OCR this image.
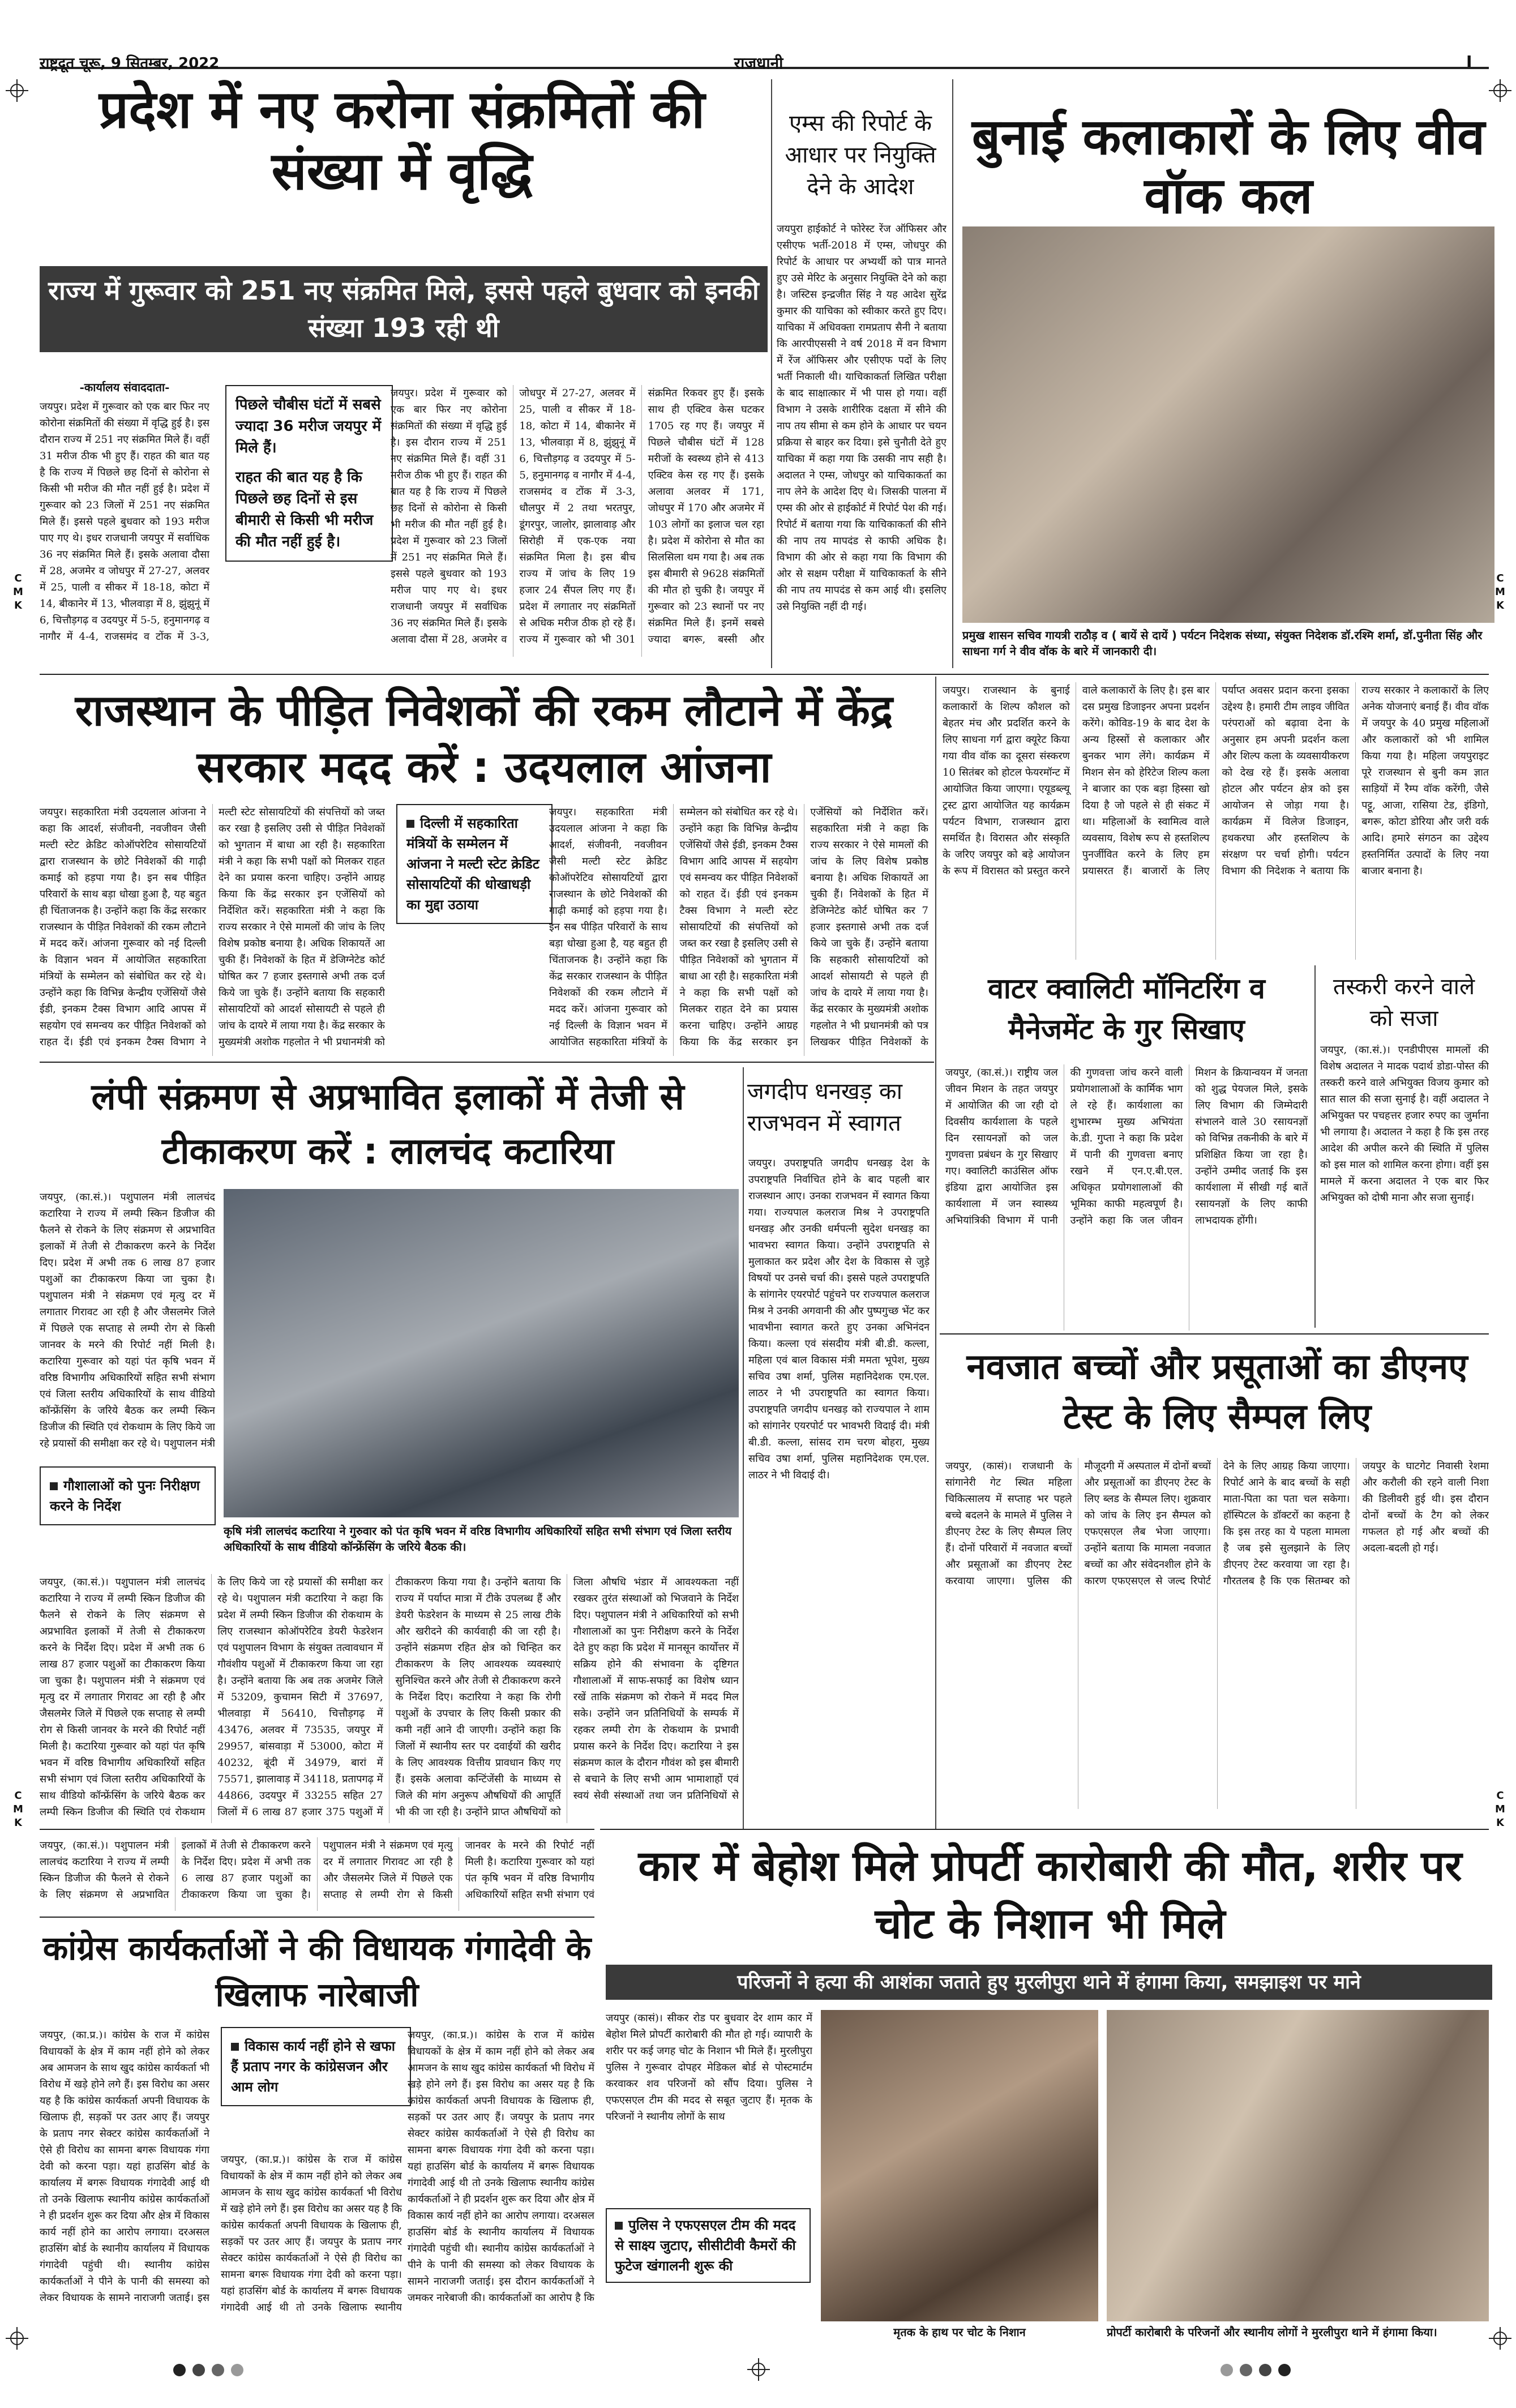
राष्ट्रदूत चूरू, 9 सितम्बर, 2022	राजधानी	I
C
M
K
C
M
K
C
M
K
C
M
K
प्रदेश में नए करोना संक्रमितों की संख्या में वृद्धि
राज्य में गुरूवार को 251 नए संक्रमित मिले, इससे पहले बुधवार को इनकी संख्या 193 रही थी
-कार्यालय संवाददाता-
पिछले चौबीस घंटों में सबसे ज्यादा 36 मरीज जयपुर में मिले हैं।
राहत की बात यह है कि पिछले छह दिनों से इस बीमारी से किसी भी मरीज की मौत नहीं हुई है।
जयपुर। प्रदेश में गुरूवार को एक बार फिर नए कोरोना संक्रमितों की संख्या में वृद्धि हुई है। इस दौरान राज्य में 251 नए संक्रमित मिले हैं। वहीं 31 मरीज ठीक भी हुए हैं। राहत की बात यह है कि राज्य में पिछले छह दिनों से कोरोना से किसी भी मरीज की मौत नहीं हुई है। प्रदेश में गुरूवार को 23 जिलों में 251 नए संक्रमित मिले हैं। इससे पहले बुधवार को 193 मरीज पाए गए थे। इधर राजधानी जयपुर में सर्वाधिक 36 नए संक्रमित मिले हैं। इसके अलावा दौसा में 28, अजमेर व जोधपुर में 27-27, अलवर में 25, पाली व सीकर में 18-18, कोटा में 14, बीकानेर में 13, भीलवाड़ा में 8, झुंझुनूं में 6, चित्तौड़गढ़ व उदयपुर में 5-5, हनुमानगढ़ व नागौर में 4-4, राजसमंद व टोंक में 3-3,
जयपुर। प्रदेश में गुरूवार को एक बार फिर नए कोरोना संक्रमितों की संख्या में वृद्धि हुई है। इस दौरान राज्य में 251 नए संक्रमित मिले हैं। वहीं 31 मरीज ठीक भी हुए हैं। राहत की बात यह है कि राज्य में पिछले छह दिनों से कोरोना से किसी भी मरीज की मौत नहीं हुई है। प्रदेश में गुरूवार को 23 जिलों में 251 नए संक्रमित मिले हैं। इससे पहले बुधवार को 193 मरीज पाए गए थे। इधर राजधानी जयपुर में सर्वाधिक 36 नए संक्रमित मिले हैं। इसके अलावा दौसा में 28, अजमेर व जोधपुर में 27-27, अलवर में 25, पाली व सीकर में 18-18, कोटा में 14, बीकानेर में 13, भीलवाड़ा में 8, झुंझुनूं में 6, चित्तौड़गढ़ व उदयपुर में 5-5, हनुमानगढ़ व नागौर में 4-4, राजसमंद व टोंक में 3-3, धौलपुर में 2 तथा भरतपुर, डूंगरपुर, जालोर, झालावाड़ और सिरोही में एक-एक नया संक्रमित मिला है। इस बीच राज्य में जांच के लिए 19 हजार 24 सैंपल लिए गए हैं। प्रदेश में लगातार नए संक्रमितों से अधिक मरीज ठीक हो रहे हैं। राज्य में गुरूवार को भी 301 संक्रमित रिकवर हुए हैं। इसके साथ ही एक्टिव केस घटकर 1705 रह गए हैं। जयपुर में पिछले चौबीस घंटों में 128 मरीजों के स्वस्थ्य होने से 413 एक्टिव केस रह गए हैं। इसके अलावा अलवर में 171, जोधपुर में 170 और अजमेर में 103 लोगों का इलाज चल रहा है। प्रदेश में कोरोना से मौत का सिलसिला थम गया है। अब तक इस बीमारी से 9628 संक्रमितों की मौत हो चुकी है। जयपुर में गुरूवार को 23 स्थानों पर नए संक्रमित मिले हैं। इनमें सबसे ज्यादा बगरू, बस्सी और
एम्स की रिपोर्ट के आधार पर नियुक्ति देने के आदेश
जयपुरा हाईकोर्ट ने फोरेस्ट रेंज ऑफिसर और एसीएफ भर्ती-2018 में एम्स, जोधपुर की रिपोर्ट के आधार पर अभ्यर्थी को पात्र मानते हुए उसे मेरिट के अनुसार नियुक्ति देने को कहा है। जस्टिस इन्द्रजीत सिंह ने यह आदेश सुरेंद्र कुमार की याचिका को स्वीकार करते हुए दिए। याचिका में अधिवक्ता रामप्रताप सैनी ने बताया कि आरपीएससी ने वर्ष 2018 में वन विभाग में रेंज ऑफिसर और एसीएफ पदों के लिए भर्ती निकाली थी। याचिकाकर्ता लिखित परीक्षा के बाद साक्षात्कार में भी पास हो गया। वहीं विभाग ने उसके शारीरिक दक्षता में सीने की नाप तय सीमा से कम होने के आधार पर चयन प्रक्रिया से बाहर कर दिया। इसे चुनौती देते हुए याचिका में कहा गया कि उसकी नाप सही है। अदालत ने एम्स, जोधपुर को याचिकाकर्ता का नाप लेने के आदेश दिए थे। जिसकी पालना में एम्स की ओर से हाईकोर्ट में रिपोर्ट पेश की गई। रिपोर्ट में बताया गया कि याचिकाकर्ता की सीने की नाप तय मापदंड से काफी अधिक है। विभाग की ओर से कहा गया कि विभाग की ओर से सक्षम परीक्षा में याचिकाकर्ता के सीने की नाप तय मापदंड से कम आई थी। इसलिए उसे नियुक्ति नहीं दी गई।
बुनाई कलाकारों के लिए वीव वॉक कल
प्रमुख शासन सचिव गायत्री राठौड़ व ( बायें से दायें ) पर्यटन निदेशक संध्या, संयुक्त निदेशक डॉ.रश्मि शर्मा, डॉ.पुनीता सिंह और साधना गर्ग ने वीव वॉक के बारे में जानकारी दी।
राजस्थान के पीड़ित निवेशकों की रकम लौटाने में केंद्र सरकार मदद करें : उदयलाल आंजना
दिल्ली में सहकारिता मंत्रियों के सम्मेलन में आंजना ने मल्टी स्टेट क्रेडिट सोसायटियों की धोखाधड़ी का मुद्दा उठाया
जयपुर। सहकारिता मंत्री उदयलाल आंजना ने कहा कि आदर्श, संजीवनी, नवजीवन जैसी मल्टी स्टेट क्रेडिट कोऑपरेटिव सोसायटियों द्वारा राजस्थान के छोटे निवेशकों की गाढ़ी कमाई को हड़पा गया है। इन सब पीड़ित परिवारों के साथ बड़ा धोखा हुआ है, यह बहुत ही चिंताजनक है। उन्होंने कहा कि केंद्र सरकार राजस्थान के पीड़ित निवेशकों की रकम लौटाने में मदद करें। आंजना गुरूवार को नई दिल्ली के विज्ञान भवन में आयोजित सहकारिता मंत्रियों के सम्मेलन को संबोधित कर रहे थे। उन्होंने कहा कि विभिन्न केन्द्रीय एजेंसियों जैसे ईडी, इनकम टैक्स विभाग आदि आपस में सहयोग एवं समन्वय कर पीड़ित निवेशकों को राहत दें। ईडी एवं इनकम टैक्स विभाग ने मल्टी स्टेट सोसायटियों की संपत्तियों को जब्त कर रखा है इसलिए उसी से पीड़ित निवेशकों को भुगतान में बाधा आ रही है। सहकारिता मंत्री ने कहा कि सभी पक्षों को मिलकर राहत देने का प्रयास करना चाहिए। उन्होंने आग्रह किया कि केंद्र सरकार इन एजेंसियों को निर्देशित करें। सहकारिता मंत्री ने कहा कि राज्य सरकार ने ऐसे मामलों की जांच के लिए विशेष प्रकोष्ठ बनाया है। अधिक शिकायतें आ चुकी हैं। निवेशकों के हित में डेजिग्नेटेड कोर्ट घोषित कर 7 हजार इस्तगासे अभी तक दर्ज किये जा चुके हैं। उन्होंने बताया कि सहकारी सोसायटियों को आदर्श सोसायटी से पहले ही जांच के दायरे में लाया गया है। केंद्र सरकार के मुख्यमंत्री अशोक गहलोत ने भी प्रधानमंत्री को
जयपुर। सहकारिता मंत्री उदयलाल आंजना ने कहा कि आदर्श, संजीवनी, नवजीवन जैसी मल्टी स्टेट क्रेडिट कोऑपरेटिव सोसायटियों द्वारा राजस्थान के छोटे निवेशकों की गाढ़ी कमाई को हड़पा गया है। इन सब पीड़ित परिवारों के साथ बड़ा धोखा हुआ है, यह बहुत ही चिंताजनक है। उन्होंने कहा कि केंद्र सरकार राजस्थान के पीड़ित निवेशकों की रकम लौटाने में मदद करें। आंजना गुरूवार को नई दिल्ली के विज्ञान भवन में आयोजित सहकारिता मंत्रियों के सम्मेलन को संबोधित कर रहे थे। उन्होंने कहा कि विभिन्न केन्द्रीय एजेंसियों जैसे ईडी, इनकम टैक्स विभाग आदि आपस में सहयोग एवं समन्वय कर पीड़ित निवेशकों को राहत दें। ईडी एवं इनकम टैक्स विभाग ने मल्टी स्टेट सोसायटियों की संपत्तियों को जब्त कर रखा है इसलिए उसी से पीड़ित निवेशकों को भुगतान में बाधा आ रही है। सहकारिता मंत्री ने कहा कि सभी पक्षों को मिलकर राहत देने का प्रयास करना चाहिए। उन्होंने आग्रह किया कि केंद्र सरकार इन एजेंसियों को निर्देशित करें। सहकारिता मंत्री ने कहा कि राज्य सरकार ने ऐसे मामलों की जांच के लिए विशेष प्रकोष्ठ बनाया है। अधिक शिकायतें आ चुकी हैं। निवेशकों के हित में डेजिग्नेटेड कोर्ट घोषित कर 7 हजार इस्तगासे अभी तक दर्ज किये जा चुके हैं। उन्होंने बताया कि सहकारी सोसायटियों को आदर्श सोसायटी से पहले ही जांच के दायरे में लाया गया है। केंद्र सरकार के मुख्यमंत्री अशोक गहलोत ने भी प्रधानमंत्री को पत्र लिखकर पीड़ित निवेशकों के
जयपुर। राजस्थान के बुनाई कलाकारों के शिल्प कौशल को बेहतर मंच और प्रदर्शित करने के लिए साधना गर्ग द्वारा क्यूरेट किया गया वीव वॉक का दूसरा संस्करण 10 सितंबर को होटल फेयरमॉन्ट में आयोजित किया जाएगा। एयूडब्ल्यू ट्रस्ट द्वारा आयोजित यह कार्यक्रम पर्यटन विभाग, राजस्थान द्वारा समर्थित है। विरासत और संस्कृति के जरिए जयपुर को बड़े आयोजन के रूप में विरासत को प्रस्तुत करने वाले कलाकारों के लिए है। इस बार दस प्रमुख डिजाइनर अपना प्रदर्शन करेंगे। कोविड-19 के बाद देश के अन्य हिस्सों से कलाकार और बुनकर भाग लेंगे। कार्यक्रम में मिशन सेन को हेरिटेज शिल्प कला ने बाजार का एक बड़ा हिस्सा खो दिया है जो पहले से ही संकट में था। महिलाओं के स्वामित्व वाले व्यवसाय, विशेष रूप से हस्तशिल्प पुनर्जीवित करने के लिए हम प्रयासरत हैं। बाजारों के लिए पर्याप्त अवसर प्रदान करना इसका उद्देश्य है। हमारी टीम लाइव जीवित परंपराओं को बढ़ावा देना के अनुसार हम अपनी प्रदर्शन कला और शिल्प कला के व्यवसायीकरण को देख रहे हैं। इसके अलावा होटल और पर्यटन क्षेत्र को इस आयोजन से जोड़ा गया है। कार्यक्रम में विलेज डिजाइन, हथकरघा और हस्तशिल्प के संरक्षण पर चर्चा होगी। पर्यटन विभाग की निदेशक ने बताया कि राज्य सरकार ने कलाकारों के लिए अनेक योजनाएं बनाई हैं। वीव वॉक में जयपुर के 40 प्रमुख महिलाओं और कलाकारों को भी शामिल किया गया है। महिला जयपुराइट पूरे राजस्थान से बुनी कम ज्ञात साड़ियों में रैम्प वॉक करेंगी, जैसे पट्टू, आजा, रासिया टेड, इंडिगो, बगरू, कोटा डोरिया और जरी वर्क आदि। हमारे संगठन का उद्देश्य हस्तनिर्मित उत्पादों के लिए नया बाजार बनाना है।
वाटर क्वालिटी मॉनिटरिंग व मैनेजमेंट के गुर सिखाए
जयपुर, (का.सं.)। राष्ट्रीय जल जीवन मिशन के तहत जयपुर में आयोजित की जा रही दो दिवसीय कार्यशाला के पहले दिन रसायनज्ञों को जल गुणवत्ता प्रबंधन के गुर सिखाए गए। क्वालिटी काउंसिल ऑफ इंडिया द्वारा आयोजित इस कार्यशाला में जन स्वास्थ्य अभियांत्रिकी विभाग में पानी की गुणवत्ता जांच करने वाली प्रयोगशालाओं के कार्मिक भाग ले रहे हैं। कार्यशाला का शुभारम्भ मुख्य अभियंता के.डी. गुप्ता ने कहा कि प्रदेश में पानी की गुणवत्ता बनाए रखने में एन.ए.बी.एल. अधिकृत प्रयोगशालाओं की भूमिका काफी महत्वपूर्ण है। उन्होंने कहा कि जल जीवन मिशन के क्रियान्वयन में जनता को शुद्ध पेयजल मिले, इसके लिए विभाग की जिम्मेदारी संभालने वाले 30 रसायनज्ञों को विभिन्न तकनीकी के बारे में प्रशिक्षित किया जा रहा है। उन्होंने उम्मीद जताई कि इस कार्यशाला में सीखी गई बातें रसायनज्ञों के लिए काफी लाभदायक होंगी।
तस्करी करने वाले को सजा
जयपुर, (का.सं.)। एनडीपीएस मामलों की विशेष अदालत ने मादक पदार्थ डोडा-पोस्त की तस्करी करने वाले अभियुक्त विजय कुमार को सात साल की सजा सुनाई है। वहीं अदालत ने अभियुक्त पर पचहत्तर हजार रुपए का जुर्माना भी लगाया है। अदालत ने कहा है कि इस तरह आदेश की अपील करने की स्थिति में पुलिस को इस माल को शामिल करना होगा। वहीं इस मामले में करना अदालत ने एक बार फिर अभियुक्त को दोषी माना और सजा सुनाई।
लंपी संक्रमण से अप्रभावित इलाकों में तेजी से टीकाकरण करें : लालचंद कटारिया
जयपुर, (का.सं.)। पशुपालन मंत्री लालचंद कटारिया ने राज्य में लम्पी स्किन डिजीज की फैलने से रोकने के लिए संक्रमण से अप्रभावित इलाकों में तेजी से टीकाकरण करने के निर्देश दिए। प्रदेश में अभी तक 6 लाख 87 हजार पशुओं का टीकाकरण किया जा चुका है। पशुपालन मंत्री ने संक्रमण एवं मृत्यु दर में लगातार गिरावट आ रही है और जैसलमेर जिले में पिछले एक सप्ताह से लम्पी रोग से किसी जानवर के मरने की रिपोर्ट नहीं मिली है। कटारिया गुरूवार को यहां पंत कृषि भवन में वरिष्ठ विभागीय अधिकारियों सहित सभी संभाग एवं जिला स्तरीय अधिकारियों के साथ वीडियो कॉन्फ्रेंसिंग के जरिये बैठक कर लम्पी स्किन डिजीज की स्थिति एवं रोकथाम के लिए किये जा रहे प्रयासों की समीक्षा कर रहे थे। पशुपालन मंत्री
गौशालाओं को पुनः निरीक्षण करने के निर्देश
कृषि मंत्री लालचंद कटारिया ने गुरुवार को पंत कृषि भवन में वरिष्ठ विभागीय अधिकारियों सहित सभी संभाग एवं जिला स्तरीय अधिकारियों के साथ वीडियो कॉन्फ्रेंसिंग के जरिये बैठक की।
जयपुर, (का.सं.)। पशुपालन मंत्री लालचंद कटारिया ने राज्य में लम्पी स्किन डिजीज की फैलने से रोकने के लिए संक्रमण से अप्रभावित इलाकों में तेजी से टीकाकरण करने के निर्देश दिए। प्रदेश में अभी तक 6 लाख 87 हजार पशुओं का टीकाकरण किया जा चुका है। पशुपालन मंत्री ने संक्रमण एवं मृत्यु दर में लगातार गिरावट आ रही है और जैसलमेर जिले में पिछले एक सप्ताह से लम्पी रोग से किसी जानवर के मरने की रिपोर्ट नहीं मिली है। कटारिया गुरूवार को यहां पंत कृषि भवन में वरिष्ठ विभागीय अधिकारियों सहित सभी संभाग एवं जिला स्तरीय अधिकारियों के साथ वीडियो कॉन्फ्रेंसिंग के जरिये बैठक कर लम्पी स्किन डिजीज की स्थिति एवं रोकथाम के लिए किये जा रहे प्रयासों की समीक्षा कर रहे थे। पशुपालन मंत्री कटारिया ने कहा कि प्रदेश में लम्पी स्किन डिजीज की रोकथाम के लिए राजस्थान कोऑपरेटिव डेयरी फेडरेशन एवं पशुपालन विभाग के संयुक्त तत्वावधान में गौवंशीय पशुओं में टीकाकरण किया जा रहा है। उन्होंने बताया कि अब तक अजमेर जिले में 53209, कुचामन सिटी में 37697, भीलवाड़ा में 56410, चित्तौड़गढ़ में 43476, अलवर में 73535, जयपुर में 29957, बांसवाड़ा में 53000, कोटा में 40232, बूंदी में 34979, बारां में 75571, झालावाड़ में 34118, प्रतापगढ़ में 44866, उदयपुर में 33255 सहित 27 जिलों में 6 लाख 87 हजार 375 पशुओं में टीकाकरण किया गया है। उन्होंने बताया कि राज्य में पर्याप्त मात्रा में टीके उपलब्ध हैं और डेयरी फेडरेशन के माध्यम से 25 लाख टीके और खरीदने की कार्यवाही की जा रही है। उन्होंने संक्रमण रहित क्षेत्र को चिन्हित कर टीकाकरण के लिए आवश्यक व्यवस्थाएं सुनिश्चित करने और तेजी से टीकाकरण करने के निर्देश दिए। कटारिया ने कहा कि रोगी पशुओं के उपचार के लिए किसी प्रकार की कमी नहीं आने दी जाएगी। उन्होंने कहा कि जिलों में स्थानीय स्तर पर दवाईयों की खरीद के लिए आवश्यक वित्तीय प्रावधान किए गए हैं। इसके अलावा कन्टिंजेंसी के माध्यम से जिले की मांग अनुरूप औषधियों की आपूर्ति भी की जा रही है। उन्होंने प्राप्त औषधियों को जिला औषधि भंडार में आवश्यकता नहीं रखकर तुरंत संस्थाओं को भिजवाने के निर्देश दिए। पशुपालन मंत्री ने अधिकारियों को सभी गौशालाओं का पुनः निरीक्षण करने के निर्देश देते हुए कहा कि प्रदेश में मानसून कार्योत्तर में सक्रिय होने की संभावना के दृष्टिगत गौशालाओं में साफ-सफाई का विशेष ध्यान रखें ताकि संक्रमण को रोकने में मदद मिल सके। उन्होंने जन प्रतिनिधियों के सम्पर्क में रहकर लम्पी रोग के रोकथाम के प्रभावी प्रयास करने के निर्देश दिए। कटारिया ने इस संक्रमण काल के दौरान गौवंश को इस बीमारी से बचाने के लिए सभी आम भामाशाहों एवं स्वयं सेवी संस्थाओं तथा जन प्रतिनिधियों से
जगदीप धनखड़ का राजभवन में स्वागत
जयपुर। उपराष्ट्रपति जगदीप धनखड़ देश के उपराष्ट्रपति निर्वाचित होने के बाद पहली बार राजस्थान आए। उनका राजभवन में स्वागत किया गया। राज्यपाल कलराज मिश्र ने उपराष्ट्रपति धनखड़ और उनकी धर्मपत्नी सुदेश धनखड़ का भावभरा स्वागत किया। उन्होंने उपराष्ट्रपति से मुलाकात कर प्रदेश और देश के विकास से जुड़े विषयों पर उनसे चर्चा की। इससे पहले उपराष्ट्रपति के सांगानेर एयरपोर्ट पहुंचने पर राज्यपाल कलराज मिश्र ने उनकी अगवानी की और पुष्पगुच्छ भेंट कर भावभीना स्वागत करते हुए उनका अभिनंदन किया। कल्ला एवं संसदीय मंत्री बी.डी. कल्ला, महिला एवं बाल विकास मंत्री ममता भूपेश, मुख्य सचिव उषा शर्मा, पुलिस महानिदेशक एम.एल. लाठर ने भी उपराष्ट्रपति का स्वागत किया। उपराष्ट्रपति जगदीप धनखड़ को राज्यपाल ने शाम को सांगानेर एयरपोर्ट पर भावभरी विदाई दी। मंत्री बी.डी. कल्ला, सांसद राम चरण बोहरा, मुख्य सचिव उषा शर्मा, पुलिस महानिदेशक एम.एल. लाठर ने भी विदाई दी।
नवजात बच्चों और प्रसूताओं का डीएनए टेस्ट के लिए सैम्पल लिए
जयपुर, (कासं)। राजधानी के सांगानेरी गेट स्थित महिला चिकित्सालय में सप्ताह भर पहले बच्चे बदलने के मामले में पुलिस ने डीएनए टेस्ट के लिए सैम्पल लिए हैं। दोनों परिवारों में नवजात बच्चों और प्रसूताओं का डीएनए टेस्ट करवाया जाएगा। पुलिस की मौजूदगी में अस्पताल में दोनों बच्चों और प्रसूताओं का डीएनए टेस्ट के लिए ब्लड के सैम्पल लिए। शुक्रवार को जांच के लिए इन सैम्पल को एफएसएल लैब भेजा जाएगा। उन्होंने बताया कि मामला नवजात बच्चों का और संवेदनशील होने के कारण एफएसएल से जल्द रिपोर्ट देने के लिए आग्रह किया जाएगा। रिपोर्ट आने के बाद बच्चों के सही माता-पिता का पता चल सकेगा। हॉस्पिटल के डॉक्टरों का कहना है कि इस तरह का ये पहला मामला है जब इसे सुलझाने के लिए डीएनए टेस्ट करवाया जा रहा है। गौरतलब है कि एक सितम्बर को जयपुर के घाटगेट निवासी रेशमा और करौली की रहने वाली निशा की डिलीवरी हुई थी। इस दौरान दोनों बच्चों के टैग को लेकर गफलत हो गई और बच्चों की अदला-बदली हो गई।
कार में बेहोश मिले प्रोपर्टी कारोबारी की मौत, शरीर पर चोट के निशान भी मिले
परिजनों ने हत्या की आशंका जताते हुए मुरलीपुरा थाने में हंगामा किया, समझाइश पर माने
जयपुर (कासं)। सीकर रोड पर बुधवार देर शाम कार में बेहोश मिले प्रोपर्टी कारोबारी की मौत हो गई। व्यापारी के शरीर पर कई जगह चोट के निशान भी मिले हैं। मुरलीपुरा पुलिस ने गुरूवार दोपहर मेडिकल बोर्ड से पोस्टमार्टम करवाकर शव परिजनों को सौंप दिया। पुलिस ने एफएसएल टीम की मदद से सबूत जुटाए हैं। मृतक के परिजनों ने स्थानीय लोगों के साथ
पुलिस ने एफएसएल टीम की मदद से साक्ष्य जुटाए, सीसीटीवी कैमरों की फुटेज खंगालनी शुरू की
मृतक के हाथ पर चोट के निशान	प्रोपर्टी कारोबारी के परिजनों और स्थानीय लोगों ने मुरलीपुरा थाने में हंगामा किया।
जयपुर, (का.सं.)। पशुपालन मंत्री लालचंद कटारिया ने राज्य में लम्पी स्किन डिजीज की फैलने से रोकने के लिए संक्रमण से अप्रभावित इलाकों में तेजी से टीकाकरण करने के निर्देश दिए। प्रदेश में अभी तक 6 लाख 87 हजार पशुओं का टीकाकरण किया जा चुका है। पशुपालन मंत्री ने संक्रमण एवं मृत्यु दर में लगातार गिरावट आ रही है और जैसलमेर जिले में पिछले एक सप्ताह से लम्पी रोग से किसी जानवर के मरने की रिपोर्ट नहीं मिली है। कटारिया गुरूवार को यहां पंत कृषि भवन में वरिष्ठ विभागीय अधिकारियों सहित सभी संभाग एवं
कांग्रेस कार्यकर्ताओं ने की विधायक गंगादेवी के खिलाफ नारेबाजी
विकास कार्य नहीं होने से खफा हैं प्रताप नगर के कांग्रेसजन और आम लोग
जयपुर, (का.प्र.)। कांग्रेस के राज में कांग्रेस विधायकों के क्षेत्र में काम नहीं होने को लेकर अब आमजन के साथ खुद कांग्रेस कार्यकर्ता भी विरोध में खड़े होने लगे हैं। इस विरोध का असर यह है कि कांग्रेस कार्यकर्ता अपनी विधायक के खिलाफ ही, सड़कों पर उतर आए हैं। जयपुर के प्रताप नगर सेक्टर कांग्रेस कार्यकर्ताओं ने ऐसे ही विरोध का सामना बगरू विधायक गंगा देवी को करना पड़ा। यहां हाउसिंग बोर्ड के कार्यालय में बगरू विधायक गंगादेवी आई थी तो उनके खिलाफ स्थानीय कांग्रेस कार्यकर्ताओं ने ही प्रदर्शन शुरू कर दिया और क्षेत्र में विकास कार्य नहीं होने का आरोप लगाया। दरअसल हाउसिंग बोर्ड के स्थानीय कार्यालय में विधायक गंगादेवी पहुंची थी। स्थानीय कांग्रेस कार्यकर्ताओं ने पीने के पानी की समस्या को लेकर विधायक के सामने नाराजगी जताई। इस
जयपुर, (का.प्र.)। कांग्रेस के राज में कांग्रेस विधायकों के क्षेत्र में काम नहीं होने को लेकर अब आमजन के साथ खुद कांग्रेस कार्यकर्ता भी विरोध में खड़े होने लगे हैं। इस विरोध का असर यह है कि कांग्रेस कार्यकर्ता अपनी विधायक के खिलाफ ही, सड़कों पर उतर आए हैं। जयपुर के प्रताप नगर सेक्टर कांग्रेस कार्यकर्ताओं ने ऐसे ही विरोध का सामना बगरू विधायक गंगा देवी को करना पड़ा। यहां हाउसिंग बोर्ड के कार्यालय में बगरू विधायक गंगादेवी आई थी तो उनके खिलाफ स्थानीय कांग्रेस कार्यकर्ताओं ने ही प्रदर्शन शुरू कर दिया और क्षेत्र में विकास कार्य नहीं होने का आरोप लगाया। दरअसल हाउसिंग बोर्ड के स्थानीय कार्यालय में विधायक गंगादेवी पहुंची थी। स्थानीय कांग्रेस कार्यकर्ताओं ने पीने के पानी की समस्या को लेकर विधायक के सामने नाराजगी जताई। इस दौरान कार्यकर्ताओं ने जमकर नारेबाजी की। कार्यकर्ताओं का आरोप है कि
जयपुर, (का.प्र.)। कांग्रेस के राज में कांग्रेस विधायकों के क्षेत्र में काम नहीं होने को लेकर अब आमजन के साथ खुद कांग्रेस कार्यकर्ता भी विरोध में खड़े होने लगे हैं। इस विरोध का असर यह है कि कांग्रेस कार्यकर्ता अपनी विधायक के खिलाफ ही, सड़कों पर उतर आए हैं। जयपुर के प्रताप नगर सेक्टर कांग्रेस कार्यकर्ताओं ने ऐसे ही विरोध का सामना बगरू विधायक गंगा देवी को करना पड़ा। यहां हाउसिंग बोर्ड के कार्यालय में बगरू विधायक गंगादेवी आई थी तो उनके खिलाफ स्थानीय
